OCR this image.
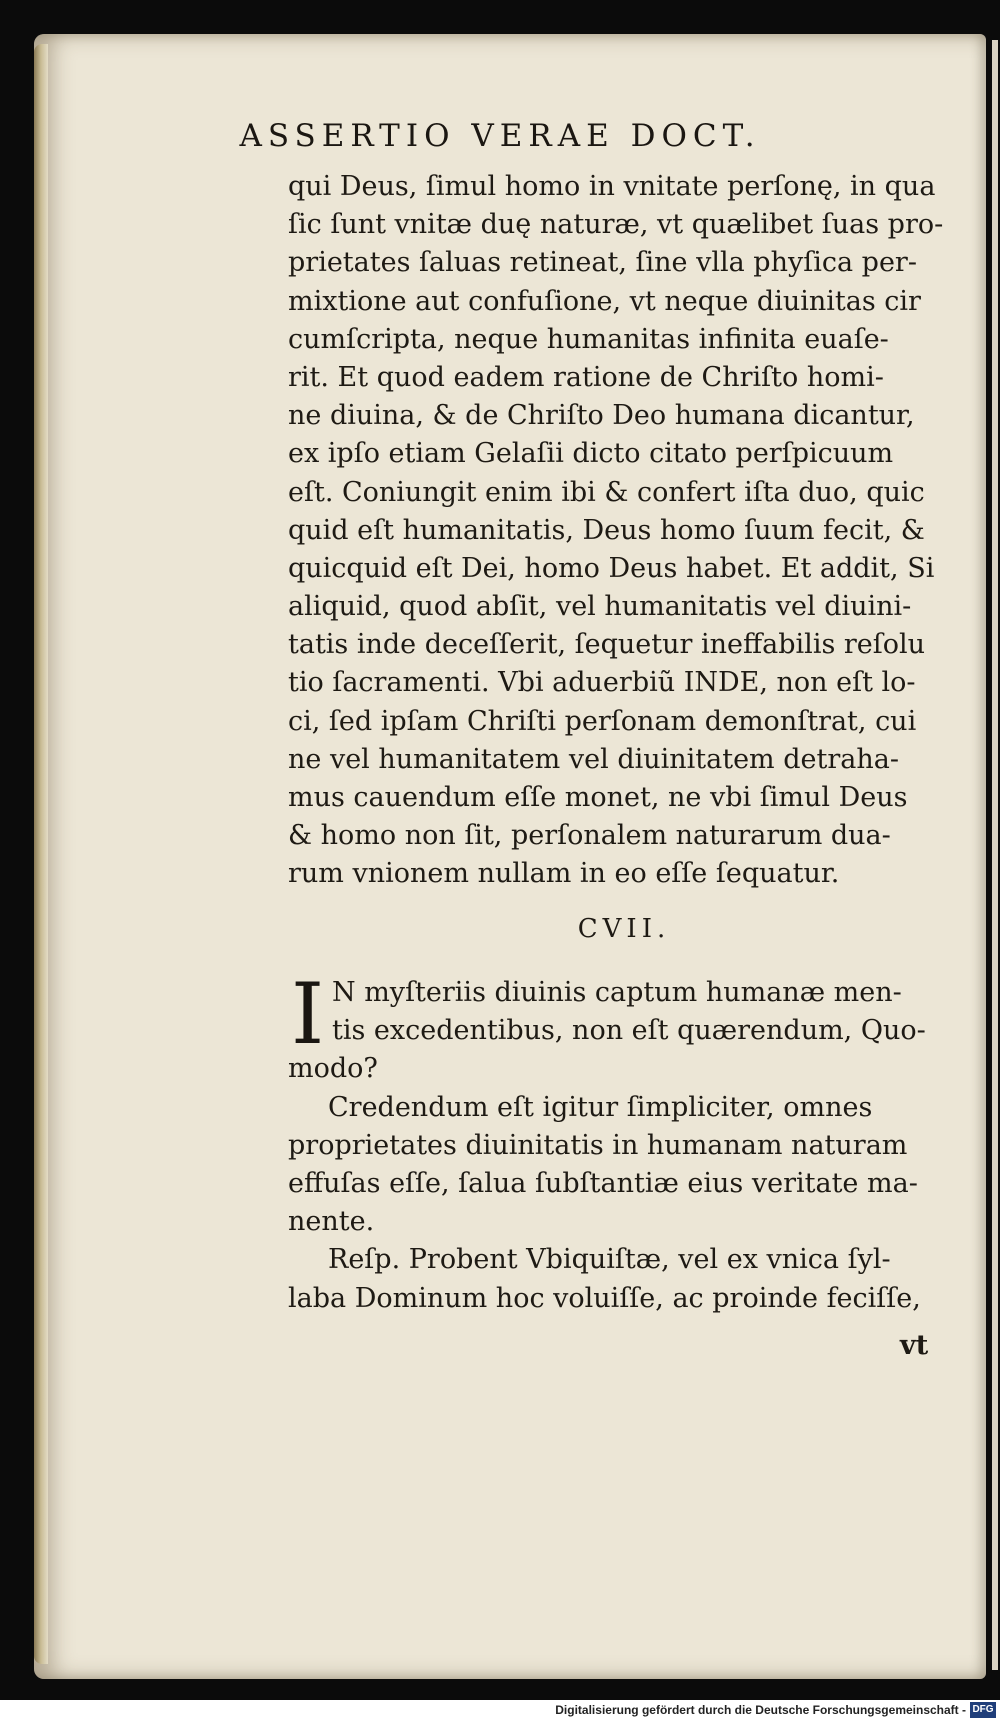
ASSERTIO VERAE DOCT.
qui Deus, ſimul homo in vnitate perſonę, in qua
ſic ſunt vnitæ duę naturæ, vt quælibet ſuas pro-
prietates ſaluas retineat, ſine vlla phyſica per-
mixtione aut confuſione, vt neque diuinitas cir
cumſcripta, neque humanitas infinita euaſe-
rit. Et quod eadem ratione de Chriſto homi-
ne diuina, & de Chriſto Deo humana dicantur,
ex ipſo etiam Gelaſii dicto citato perſpicuum
eſt. Coniungit enim ibi & confert iſta duo, quic
quid eſt humanitatis, Deus homo ſuum fecit, &
quicquid eſt Dei, homo Deus habet. Et addit, Si
aliquid, quod abſit, vel humanitatis vel diuini-
tatis inde deceſſerit, ſequetur ineffabilis reſolu
tio ſacramenti. Vbi aduerbiũ INDE, non eſt lo-
ci, ſed ipſam Chriſti perſonam demonſtrat, cui
ne vel humanitatem vel diuinitatem detraha-
mus cauendum eſſe monet, ne vbi ſimul Deus
& homo non ſit, perſonalem naturarum dua-
rum vnionem nullam in eo eſſe ſequatur.
CVII.
I N myſteriis diuinis captum humanæ men-
tis excedentibus, non eſt quærendum, Quo-
modo?
Credendum eſt igitur ſimpliciter, omnes
proprietates diuinitatis in humanam naturam
effuſas eſſe, ſalua ſubſtantiæ eius veritate ma-
nente.
Reſp. Probent Vbiquiſtæ, vel ex vnica ſyl-
laba Dominum hoc voluiſſe, ac proinde feciſſe,
vt
Digitalisierung gefördert durch die Deutsche Forschungsgemeinschaft - DFG
